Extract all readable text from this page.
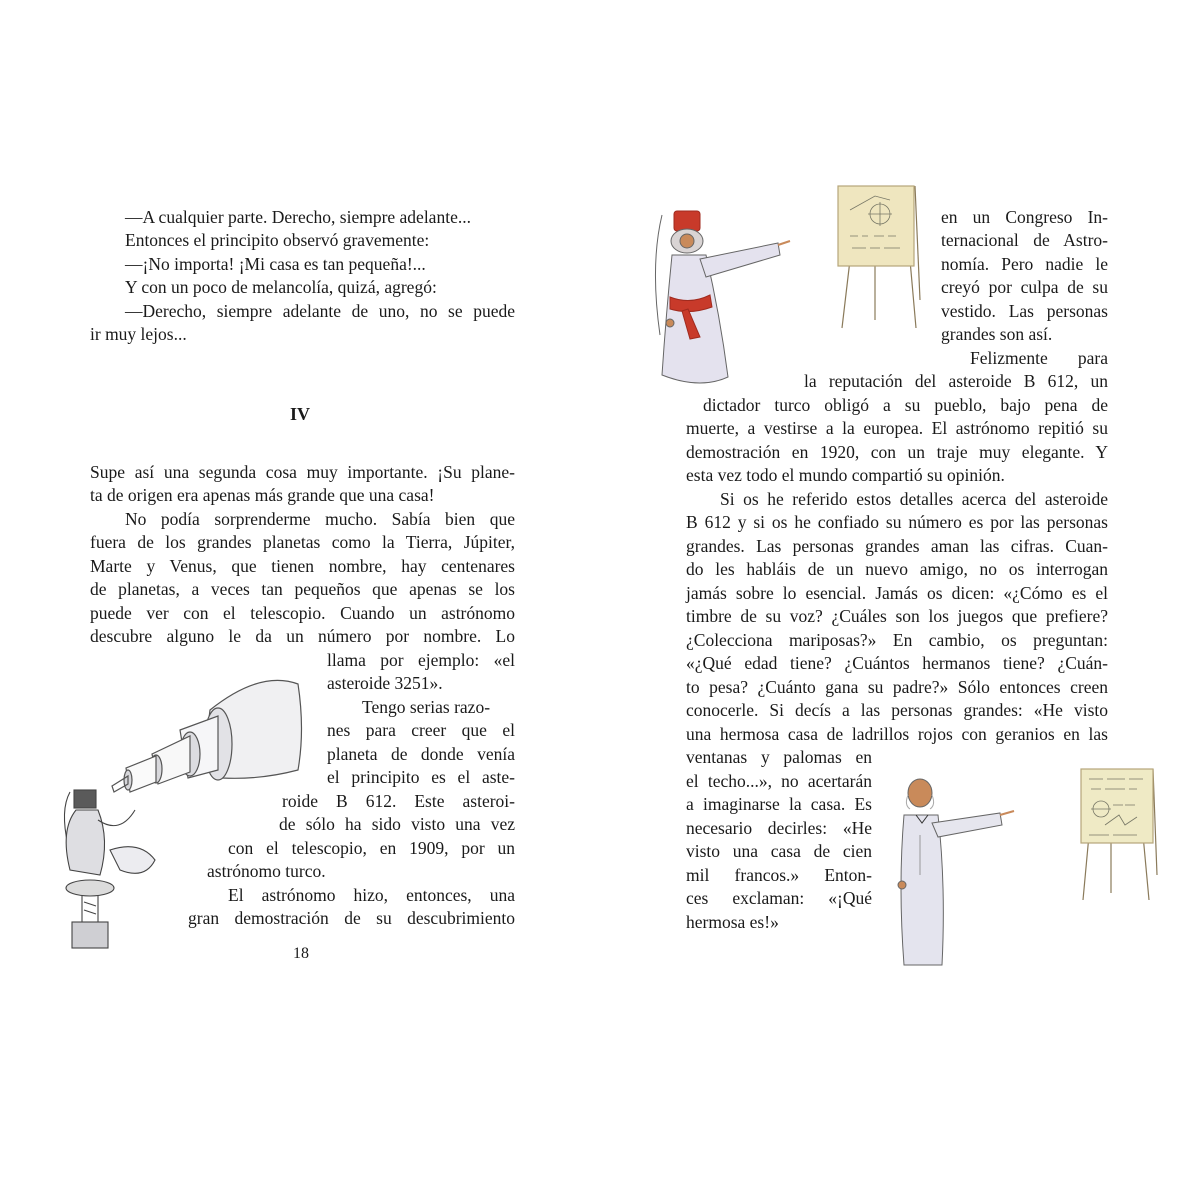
—A cualquier parte. Derecho, siempre adelante...
Entonces el principito observó gravemente:
—¡No importa! ¡Mi casa es tan pequeña!...
Y con un poco de melancolía, quizá, agregó:
—Derecho, siempre adelante de uno, no se puede
ir muy lejos...
IV
Supe así una segunda cosa muy importante. ¡Su plane-
ta de origen era apenas más grande que una casa!
No podía sorprenderme mucho. Sabía bien que
fuera de los grandes planetas como la Tierra, Júpiter,
Marte y Venus, que tienen nombre, hay centenares
de planetas, a veces tan pequeños que apenas se los
puede ver con el telescopio. Cuando un astrónomo
descubre alguno le da un número por nombre. Lo
llama por ejemplo: «el
asteroide 3251».
Tengo serias razo-
nes para creer que el
planeta de donde venía
el principito es el aste-
roide B 612. Este asteroi-
de sólo ha sido visto una vez
con el telescopio, en 1909, por un
astrónomo turco.
El astrónomo hizo, entonces, una
gran demostración de su descubrimiento
18
en un Congreso In-
ternacional de Astro-
nomía. Pero nadie le
creyó por culpa de su
vestido. Las personas
grandes son así.
Felizmente para
la reputación del asteroide B 612, un
dictador turco obligó a su pueblo, bajo pena de
muerte, a vestirse a la europea. El astrónomo repitió su
demostración en 1920, con un traje muy elegante. Y
esta vez todo el mundo compartió su opinión.
Si os he referido estos detalles acerca del asteroide
B 612 y si os he confiado su número es por las personas
grandes. Las personas grandes aman las cifras. Cuan-
do les habláis de un nuevo amigo, no os interrogan
jamás sobre lo esencial. Jamás os dicen: «¿Cómo es el
timbre de su voz? ¿Cuáles son los juegos que prefiere?
¿Colecciona mariposas?» En cambio, os preguntan:
«¿Qué edad tiene? ¿Cuántos hermanos tiene? ¿Cuán-
to pesa? ¿Cuánto gana su padre?» Sólo entonces creen
conocerle. Si decís a las personas grandes: «He visto
una hermosa casa de ladrillos rojos con geranios en las
ventanas y palomas en
el techo...», no acertarán
a imaginarse la casa. Es
necesario decirles: «He
visto una casa de cien
mil francos.» Enton-
ces exclaman: «¡Qué
hermosa es!»
